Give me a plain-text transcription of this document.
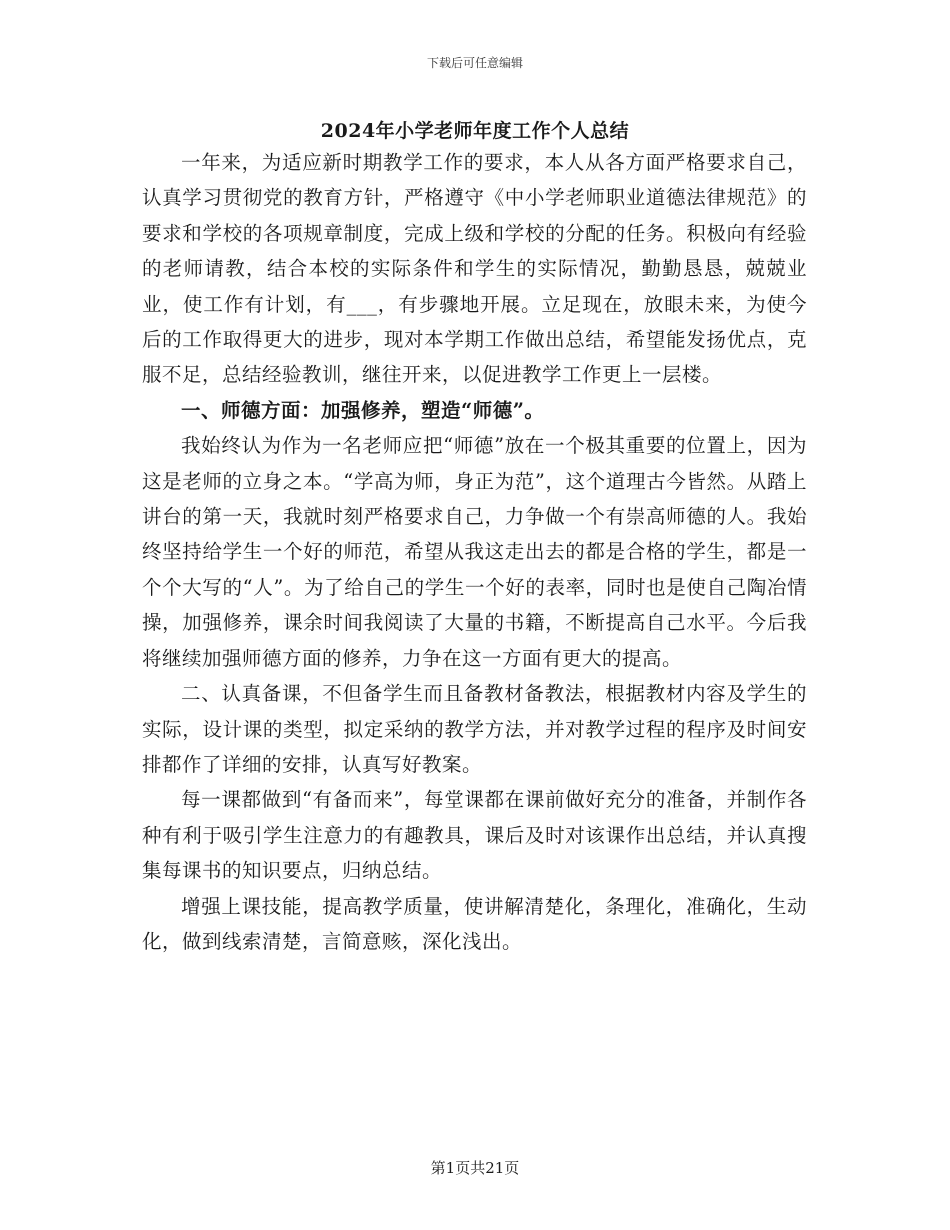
下载后可任意编辑
2024年小学老师年度工作个人总结

一年来，为适应新时期教学工作的要求，本人从各方面严格要求自己，认真学习贯彻党的教育方针，严格遵守《中小学老师职业道德法律规范》的要求和学校的各项规章制度，完成上级和学校的分配的任务。积极向有经验的老师请教，结合本校的实际条件和学生的实际情况，勤勤恳恳，兢兢业业，使工作有计划，有___，有步骤地开展。立足现在，放眼未来，为使今后的工作取得更大的进步，现对本学期工作做出总结，希望能发扬优点，克服不足，总结经验教训，继往开来，以促进教学工作更上一层楼。

一、师德方面：加强修养，塑造“师德”。

我始终认为作为一名老师应把“师德”放在一个极其重要的位置上，因为这是老师的立身之本。“学高为师，身正为范”，这个道理古今皆然。从踏上讲台的第一天，我就时刻严格要求自己，力争做一个有崇高师德的人。我始终坚持给学生一个好的师范，希望从我这走出去的都是合格的学生，都是一个个大写的“人”。为了给自己的学生一个好的表率，同时也是使自己陶冶情操，加强修养，课余时间我阅读了大量的书籍，不断提高自己水平。今后我将继续加强师德方面的修养，力争在这一方面有更大的提高。

二、认真备课，不但备学生而且备教材备教法，根据教材内容及学生的实际，设计课的类型，拟定采纳的教学方法，并对教学过程的程序及时间安排都作了详细的安排，认真写好教案。

每一课都做到“有备而来”，每堂课都在课前做好充分的准备，并制作各种有利于吸引学生注意力的有趣教具，课后及时对该课作出总结，并认真搜集每课书的知识要点，归纳总结。

增强上课技能，提高教学质量，使讲解清楚化，条理化，准确化，生动化，做到线索清楚，言简意赅，深化浅出。

第1页共21页
